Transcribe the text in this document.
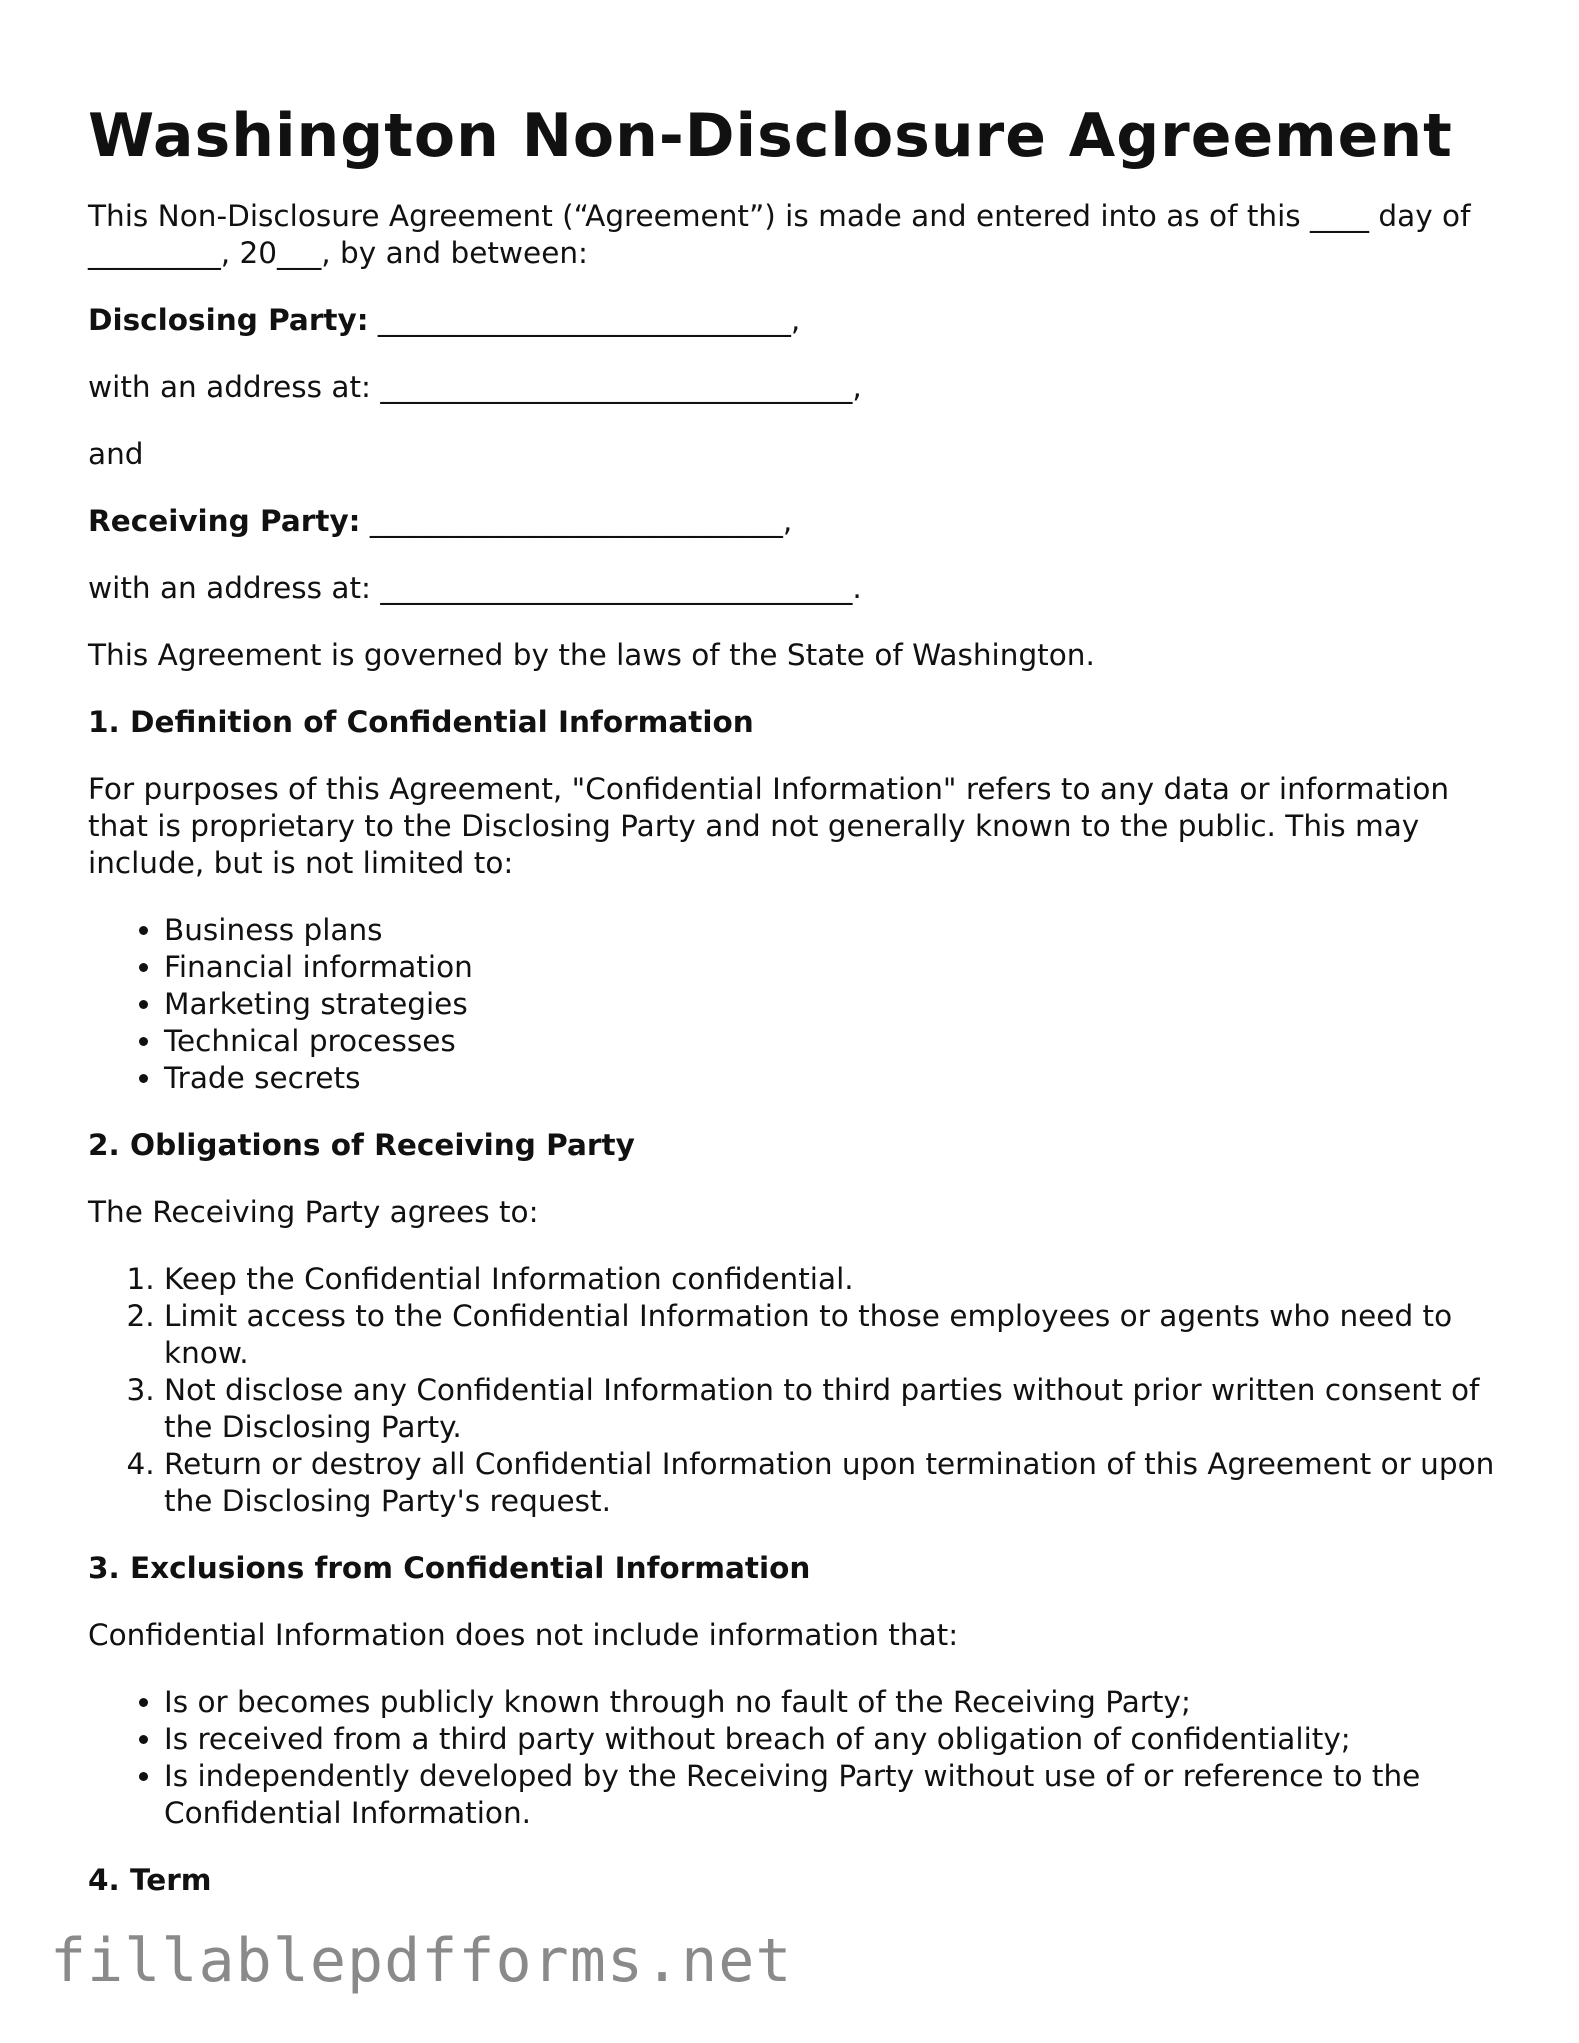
Washington Non-Disclosure Agreement

This Non-Disclosure Agreement (“Agreement”) is made and entered into as of this ____ day of _________, 20___, by and between:

Disclosing Party: ____________________________,

with an address at: ________________________________,

and

Receiving Party: ____________________________,

with an address at: ________________________________.

This Agreement is governed by the laws of the State of Washington.

1. Definition of Confidential Information

For purposes of this Agreement, "Confidential Information" refers to any data or information that is proprietary to the Disclosing Party and not generally known to the public. This may include, but is not limited to:

• Business plans
• Financial information
• Marketing strategies
• Technical processes
• Trade secrets
2. Obligations of Receiving Party

The Receiving Party agrees to:

1. Keep the Confidential Information confidential.
2. Limit access to the Confidential Information to those employees or agents who need to know.
3. Not disclose any Confidential Information to third parties without prior written consent of the Disclosing Party.
4. Return or destroy all Confidential Information upon termination of this Agreement or upon the Disclosing Party's request.
3. Exclusions from Confidential Information

Confidential Information does not include information that:

• Is or becomes publicly known through no fault of the Receiving Party;
• Is received from a third party without breach of any obligation of confidentiality;
• Is independently developed by the Receiving Party without use of or reference to the Confidential Information.
4. Term
fillablepdfforms.net
